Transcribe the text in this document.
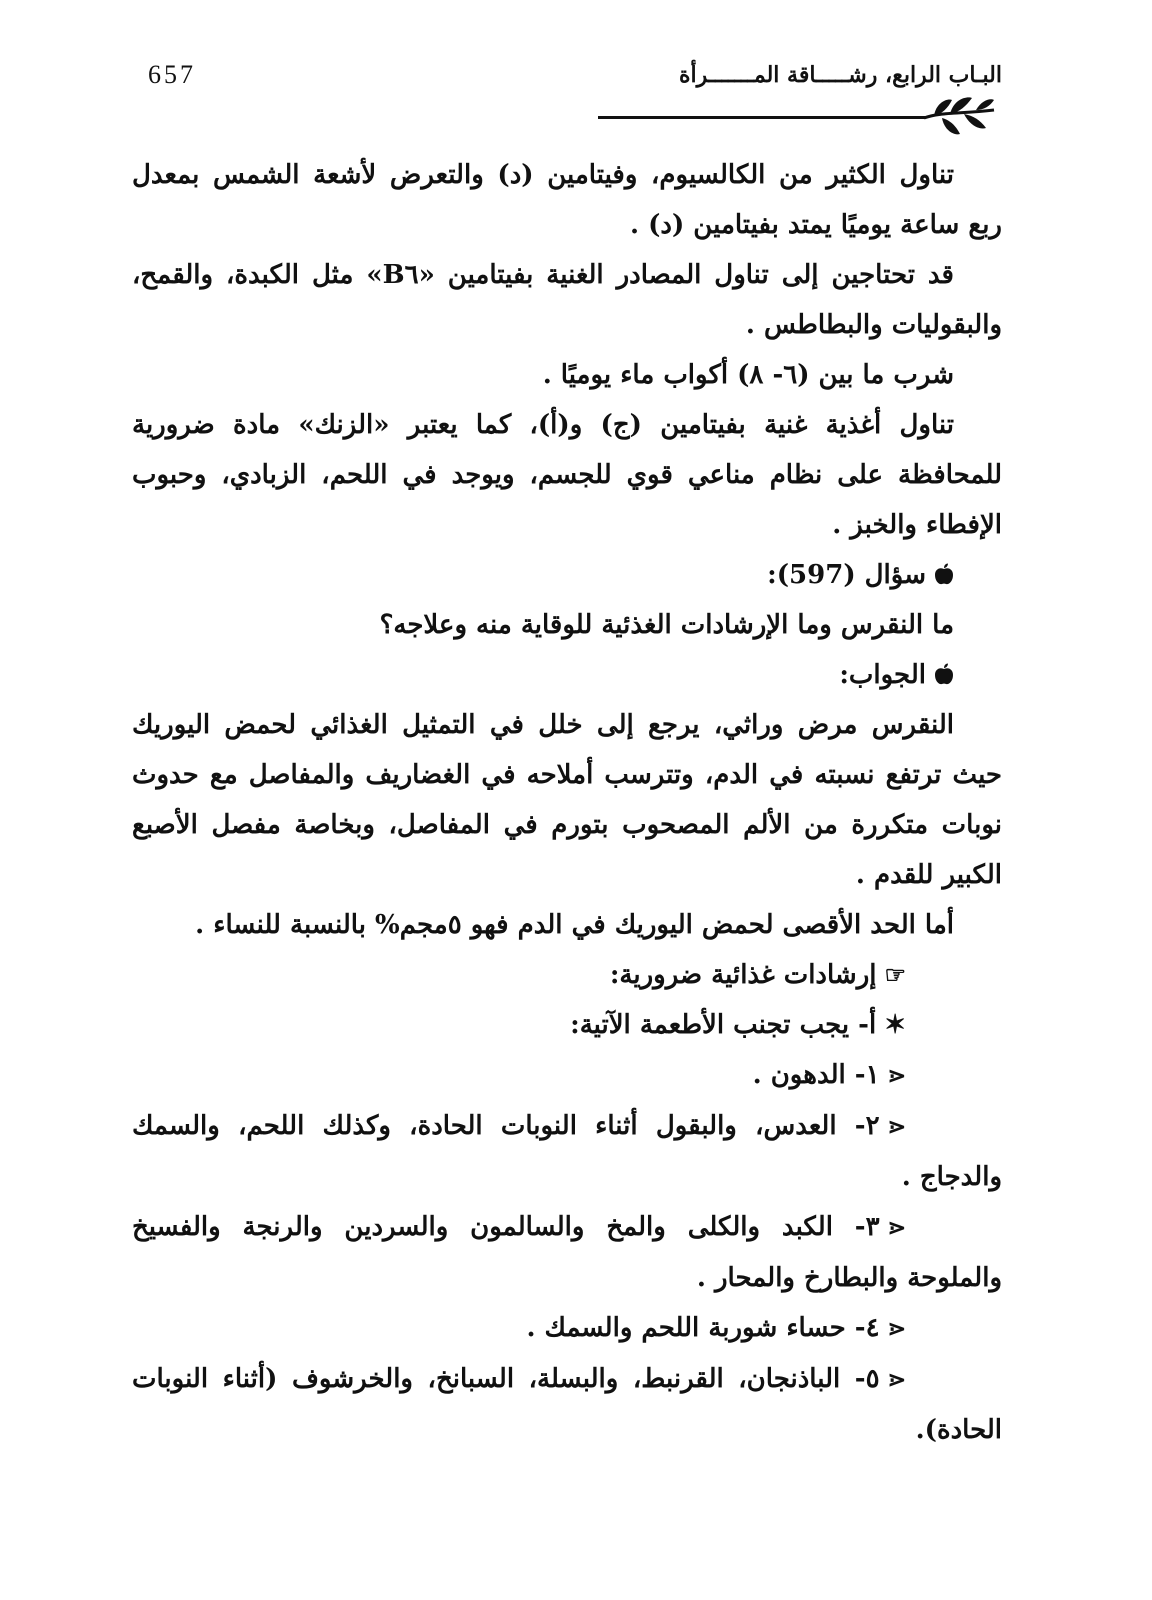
657	البـاب الرابع، رشـــــاقة المـــــــرأة

تناول الكثير من الكالسيوم، وفيتامين (د) والتعرض لأشعة الشمس بمعدل ربع ساعة يوميًا يمتد بفيتامين (د) .

قد تحتاجين إلى تناول المصادر الغنية بفيتامين «B٦» مثل الكبدة، والقمح، والبقوليات والبطاطس .

شرب ما بين (٦- ٨) أكواب ماء يوميًا .

تناول أغذية غنية بفيتامين (ج) و(أ)، كما يعتبر «الزنك» مادة ضرورية للمحافظة على نظام مناعي قوي للجسم، ويوجد في اللحم، الزبادي، وحبوب الإفطاء والخبز .

سؤال (597):

ما النقرس وما الإرشادات الغذئية للوقاية منه وعلاجه؟

الجواب:

النقرس مرض وراثي، يرجع إلى خلل في التمثيل الغذائي لحمض اليوريك حيث ترتفع نسبته في الدم، وتترسب أملاحه في الغضاريف والمفاصل مع حدوث نوبات متكررة من الألم المصحوب بتورم في المفاصل، وبخاصة مفصل الأصبع الكبير للقدم .

أما الحد الأقصى لحمض اليوريك في الدم فهو ٥مجم% بالنسبة للنساء .

☞إرشادات غذائية ضرورية:

✶أ- يجب تجنب الأطعمة الآتية:

⋖١- الدهون .

⋖٢- العدس، والبقول أثناء النوبات الحادة، وكذلك اللحم، والسمك والدجاج .

⋖٣- الكبد والكلى والمخ والسالمون والسردين والرنجة والفسيخ والملوحة والبطارخ والمحار .

⋖٤- حساء شوربة اللحم والسمك .

⋖٥- الباذنجان، القرنبط، والبسلة، السبانخ، والخرشوف (أثناء النوبات الحادة).
